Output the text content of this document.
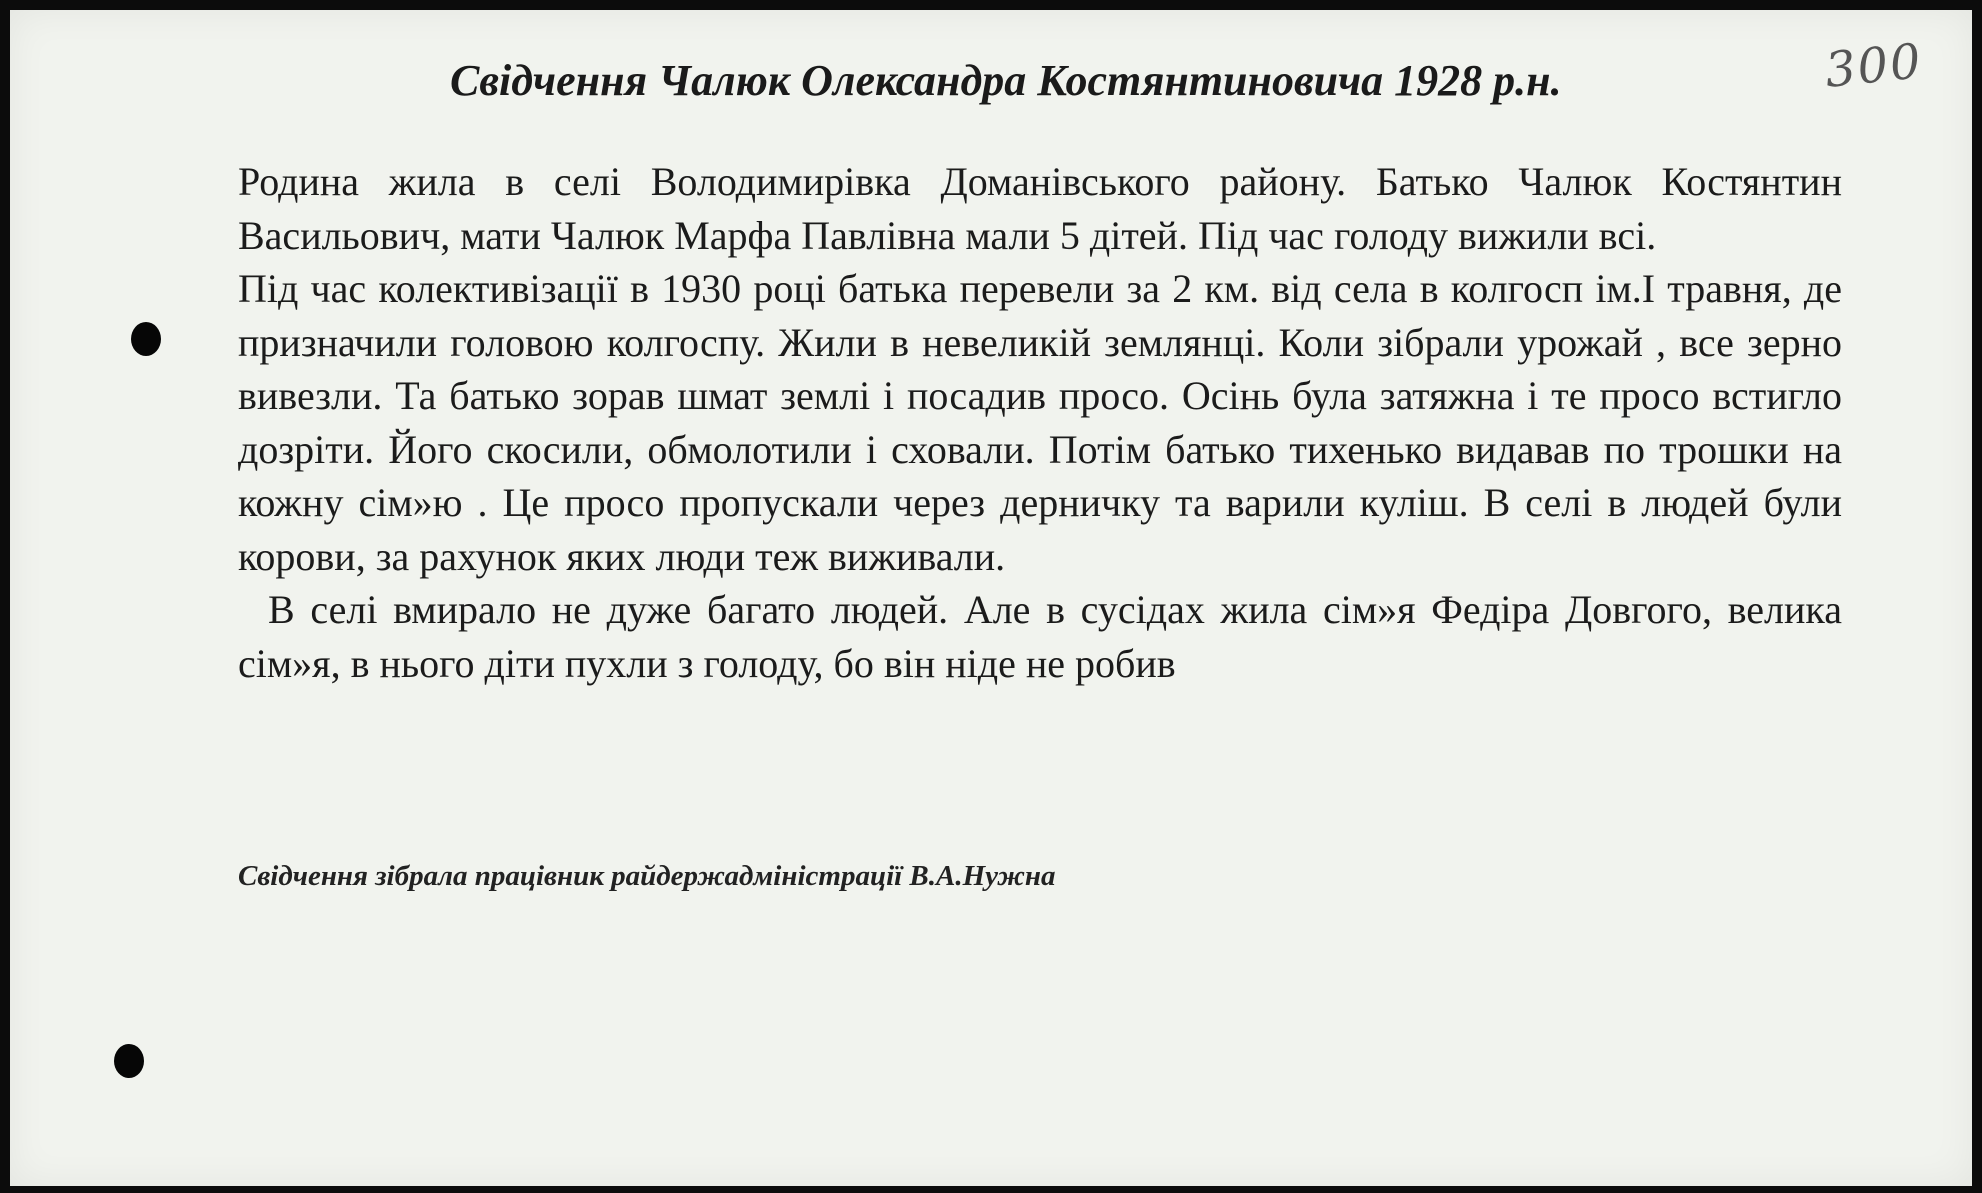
Свідчення Чалюк Олександра Костянтиновича 1928 р.н.	300

Родина жила в селі Володимирівка Доманівського району. Батько Чалюк Костянтин Васильович, мати Чалюк Марфа Павлівна мали 5 дітей. Під час голоду вижили всі.

Під час колективізації в 1930 році батька перевели за 2 км. від села в колгосп ім.І травня, де призначили головою колгоспу. Жили в невеликій землянці. Коли зібрали урожай , все зерно вивезли. Та батько зорав шмат землі і посадив просо. Осінь була затяжна і те просо встигло дозріти. Його скосили, обмолотили і сховали. Потім батько тихенько видавав по трошки на кожну сім»ю . Це просо пропускали через дерничку та варили куліш. В селі в людей були корови, за рахунок яких люди теж виживали.

В селі вмирало не дуже багато людей. Але в сусідах жила сім»я Федіра Довгого, велика сім»я, в нього діти пухли з голоду, бо він ніде не робив

Свідчення зібрала працівник райдержадміністрації В.А.Нужна
